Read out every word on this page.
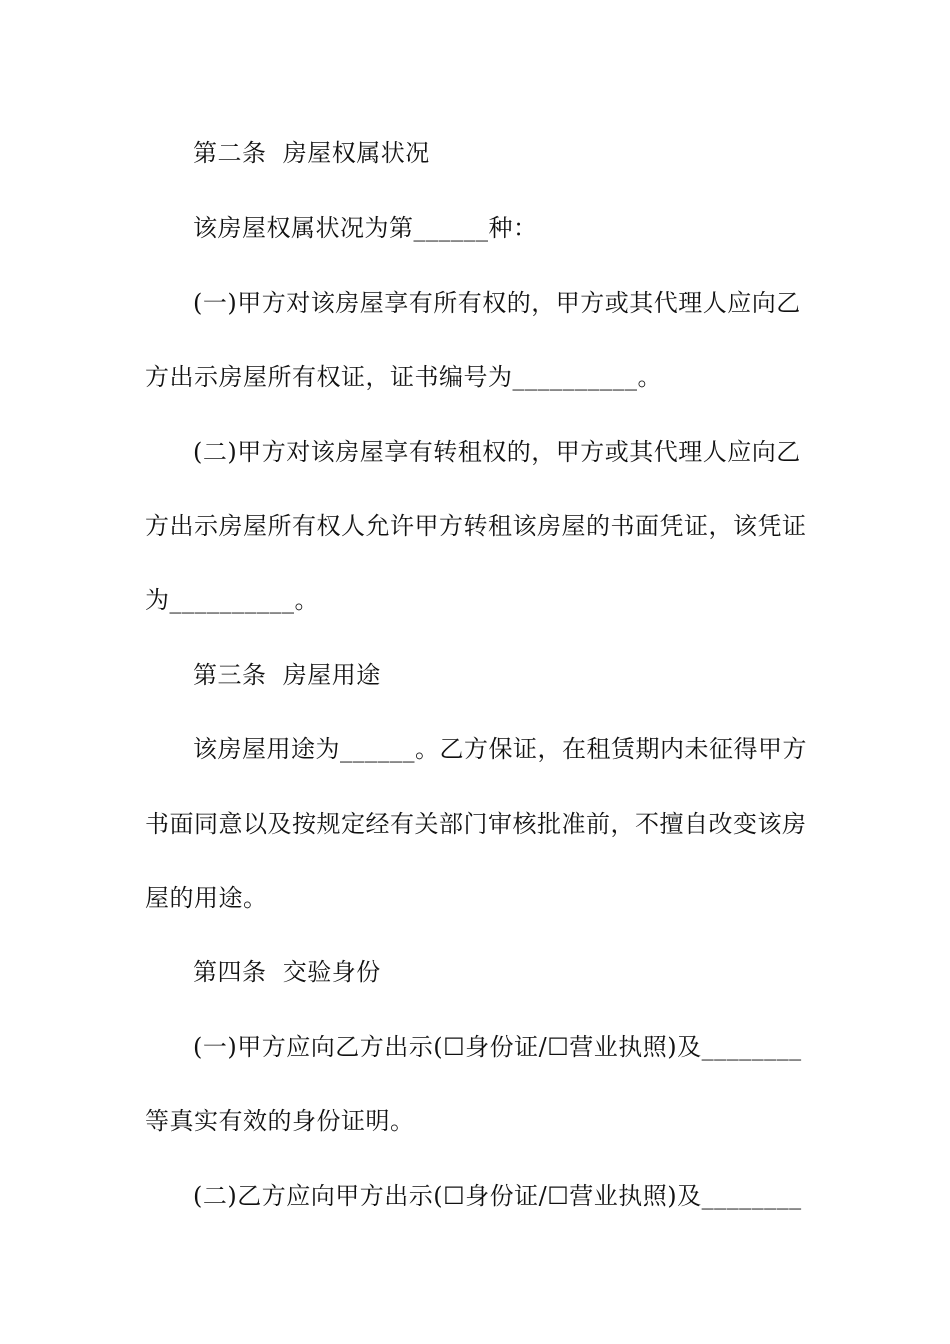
第二条  房屋权属状况
该房屋权属状况为第______种：
(一)甲方对该房屋享有所有权的，甲方或其代理人应向乙
方出示房屋所有权证，证书编号为__________。
(二)甲方对该房屋享有转租权的，甲方或其代理人应向乙
方出示房屋所有权人允许甲方转租该房屋的书面凭证，该凭证
为__________。
第三条  房屋用途
该房屋用途为______。乙方保证，在租赁期内未征得甲方
书面同意以及按规定经有关部门审核批准前，不擅自改变该房
屋的用途。
第四条  交验身份
(一)甲方应向乙方出示(☐身份证/☐营业执照)及________
等真实有效的身份证明。
(二)乙方应向甲方出示(☐身份证/☐营业执照)及________
